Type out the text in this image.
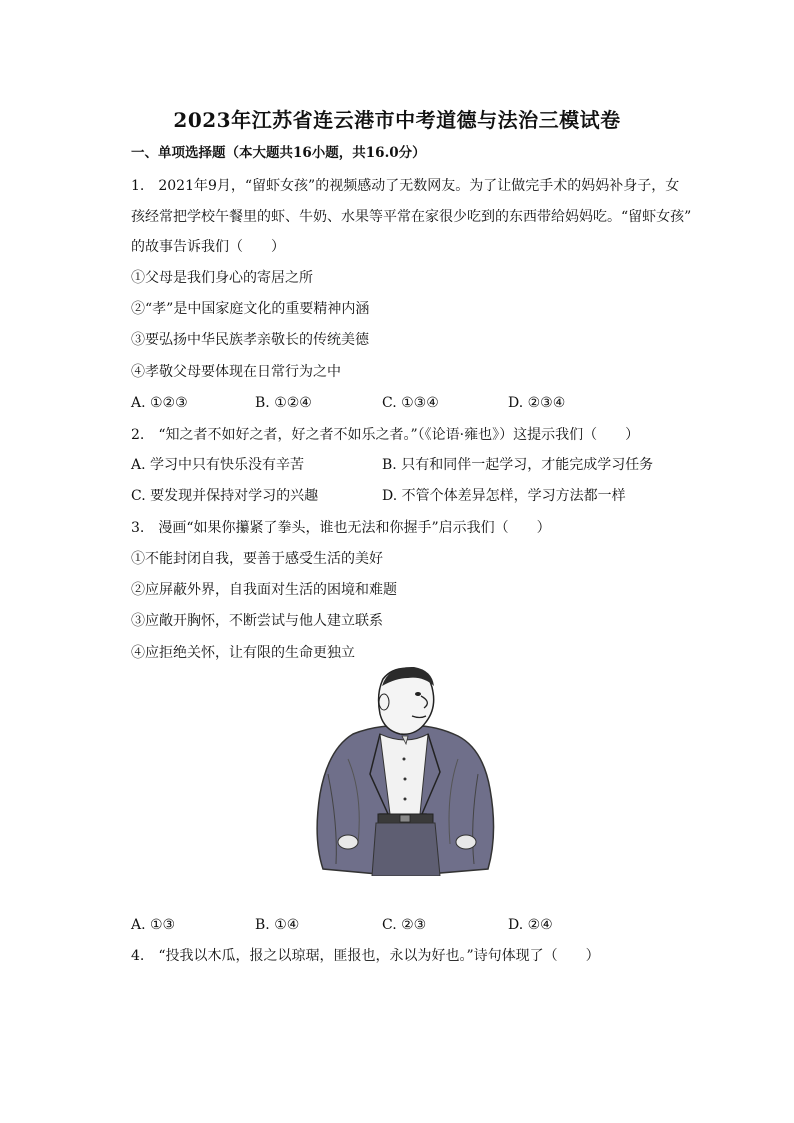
2023年江苏省连云港市中考道德与法治三模试卷
一、单项选择题（本大题共16小题，共16.0分）
1.　2021年9月，“留虾女孩”的视频感动了无数网友。为了让做完手术的妈妈补身子，女
孩经常把学校午餐里的虾、牛奶、水果等平常在家很少吃到的东西带给妈妈吃。“留虾女孩”
的故事告诉我们（　　）
①父母是我们身心的寄居之所
②“孝”是中国家庭文化的重要精神内涵
③要弘扬中华民族孝亲敬长的传统美德
④孝敬父母要体现在日常行为之中
A. ①②③	B. ①②④	C. ①③④	D. ②③④
2.　“知之者不如好之者，好之者不如乐之者。”（《论语·雍也》）这提示我们（　　）
A. 学习中只有快乐没有辛苦	B. 只有和同伴一起学习，才能完成学习任务
C. 要发现并保持对学习的兴趣	D. 不管个体差异怎样，学习方法都一样
3.　漫画“如果你攥紧了拳头，谁也无法和你握手”启示我们（　　）
①不能封闭自我，要善于感受生活的美好
②应屏蔽外界，自我面对生活的困境和难题
③应敞开胸怀，不断尝试与他人建立联系
④应拒绝关怀，让有限的生命更独立
A. ①③	B. ①④	C. ②③	D. ②④
4.　“投我以木瓜，报之以琼琚，匪报也，永以为好也。”诗句体现了（　　）
